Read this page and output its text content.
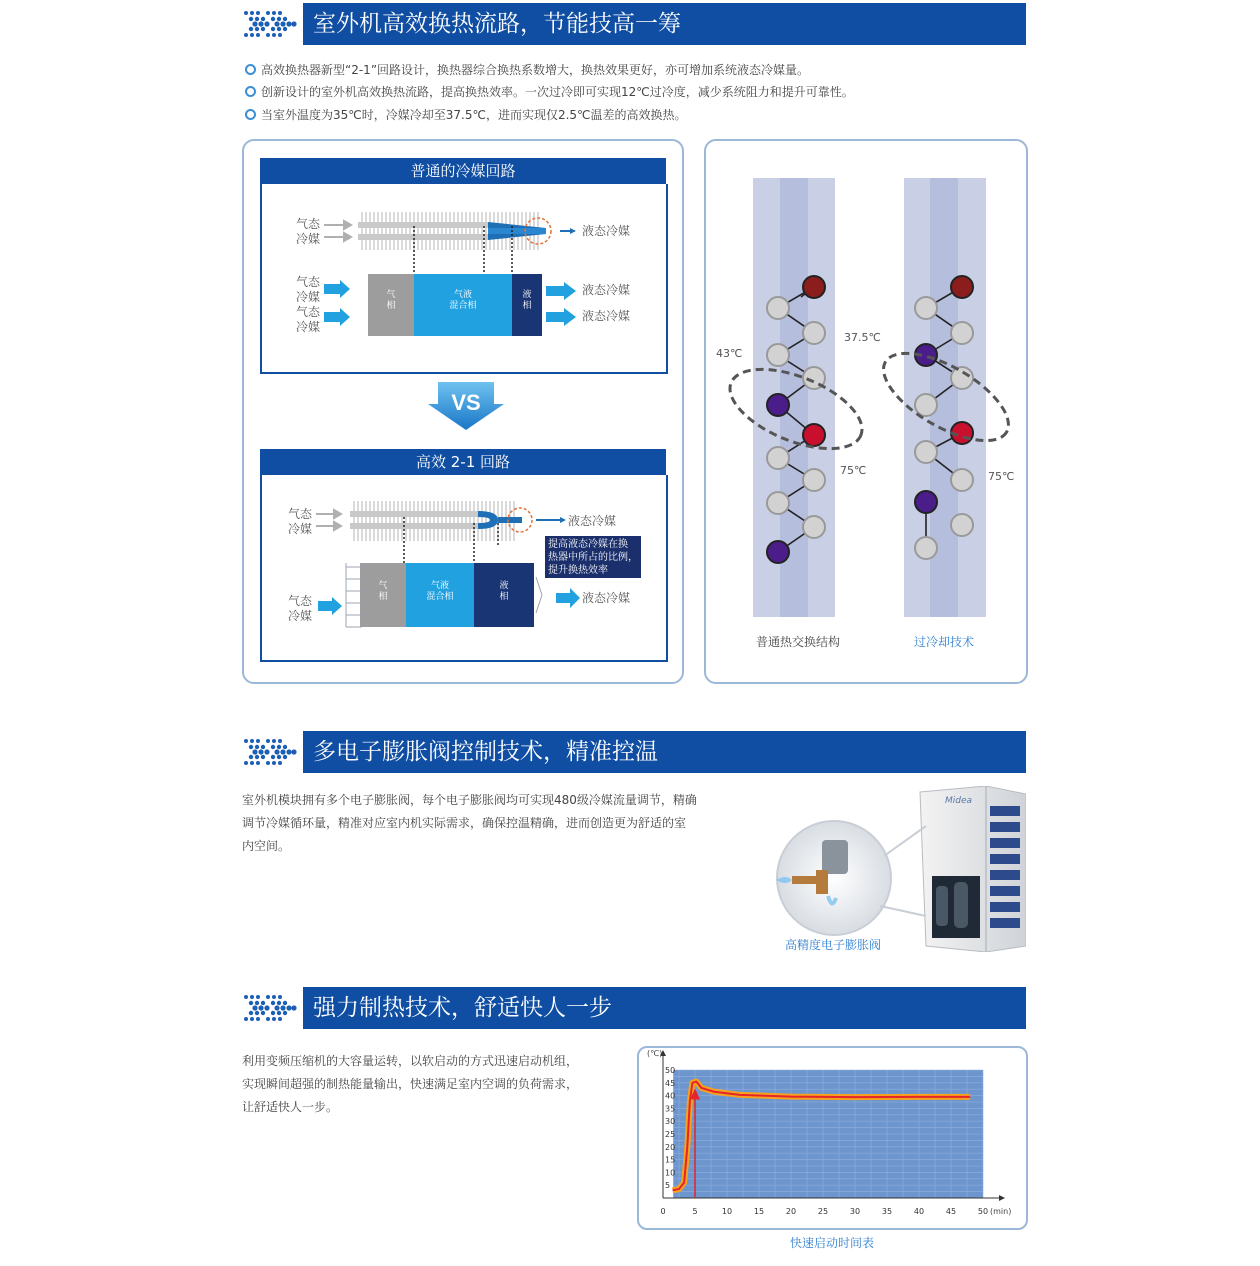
室外机高效换热流路，节能技高一筹
高效换热器新型“2-1”回路设计，换热器综合换热系数增大，换热效果更好，亦可增加系统液态冷媒量。
创新设计的室外机高效换热流路，提高换热效率。一次过冷即可实现12℃过冷度，减少系统阻力和提升可靠性。
当室外温度为35℃时，冷媒冷却至37.5℃，进而实现仅2.5℃温差的高效换热。
普通的冷媒回路
气态
冷媒
液态冷媒
气态
冷媒
气态
冷媒
气
相
气液
混合相
液
相
液态冷媒
液态冷媒
VS
高效 2-1 回路
气态
冷媒
液态冷媒
提高液态冷媒在换
热器中所占的比例，
提升换热效率
气态
冷媒
气
相
气液
混合相
液
相	液态冷媒
43℃
75℃
37.5℃
75℃
普通热交换结构	过冷却技术
多电子膨胀阀控制技术，精准控温
室外机模块拥有多个电子膨胀阀，每个电子膨胀阀均可实现480级冷媒流量调节，精确
调节冷媒循环量，精准对应室内机实际需求，确保控温精确，进而创造更为舒适的室
内空间。
Midea
高精度电子膨胀阀
强力制热技术，舒适快人一步
利用变频压缩机的大容量运转，以软启动的方式迅速启动机组，
实现瞬间超强的制热能量输出，快速满足室内空调的负荷需求，
让舒适快人一步。
5
10
15
20
25
30
35
40
45
50
0	5	10	15	20	25	30	35	40	45	50
(℃)
(min)
快速启动时间表
